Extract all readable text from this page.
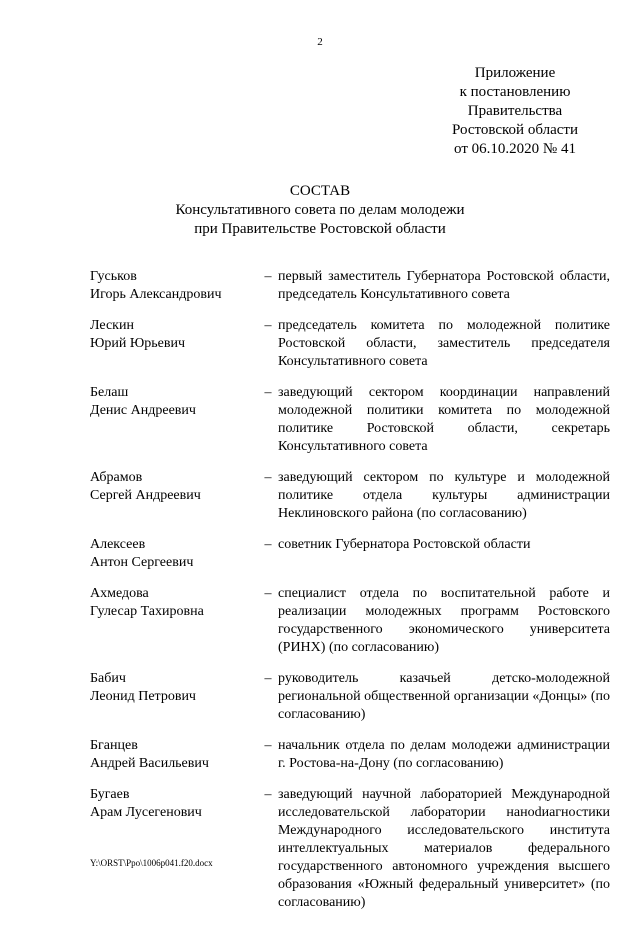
2
Приложение
к постановлению
Правительства
Ростовской области
от 06.10.2020 № 41
СОСТАВ
Консультативного совета по делам молодежи
при Правительстве Ростовской области
Гуськов
Игорь Александрович
– первый заместитель Губернатора Ростовской области, председатель Консультативного совета
Лескин
Юрий Юрьевич
– председатель комитета по молодежной политике Ростовской области, заместитель председателя Консультативного совета
Белаш
Денис Андреевич
– заведующий сектором координации направлений молодежной политики комитета по молодежной политике Ростовской области, секретарь Консультативного совета
Абрамов
Сергей Андреевич
– заведующий сектором по культуре и молодежной политике отдела культуры администрации Неклиновского района (по согласованию)
Алексеев
Антон Сергеевич
– советник Губернатора Ростовской области
Ахмедова
Гулесар Тахировна
– специалист отдела по воспитательной работе и реализации молодежных программ Ростовского государственного экономического университета (РИНХ) (по согласованию)
Бабич
Леонид Петрович
– руководитель казачьей детско-молодежной региональной общественной организации «Донцы» (по согласованию)
Бганцев
Андрей Васильевич
– начальник отдела по делам молодежи администрации г. Ростова-на-Дону (по согласованию)
Бугаев
Арам Лусегенович
– заведующий научной лабораторией Международной исследовательской лаборатории наноdиагностики Международного исследовательского института интеллектуальных материалов федерального государственного автономного учреждения высшего образования «Южный федеральный университет» (по согласованию)
Y:\ORST\Ppo\1006p041.f20.docx
